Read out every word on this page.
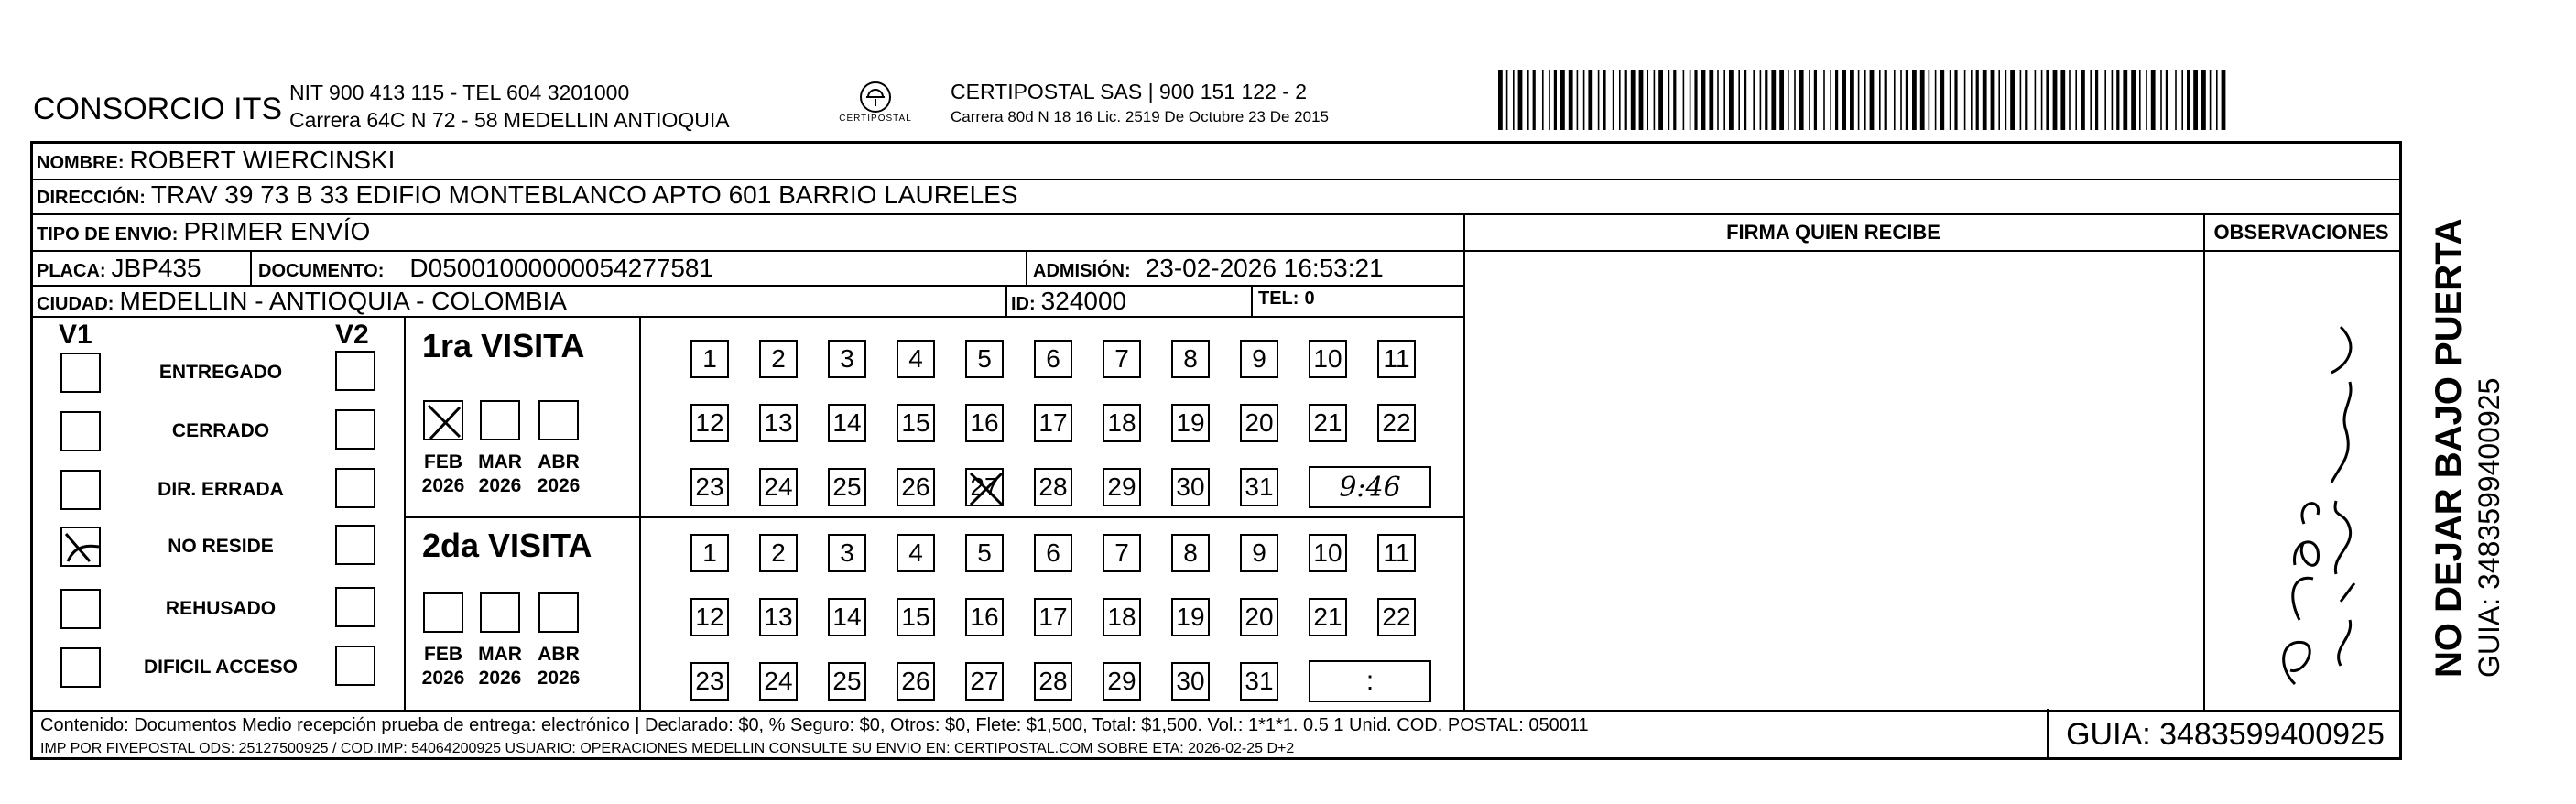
CONSORCIO ITS NIT 900 413 115 - TEL 604 3201000
Carrera 64C N 72 - 58 MEDELLIN ANTIOQUIA	CERTIPOSTAL
CERTIPOSTAL SAS | 900 151 122 - 2
Carrera 80d N 18 16 Lic. 2519 De Octubre 23 De 2015
NOMBRE: ROBERT WIERCINSKI
DIRECCIÓN: TRAV 39 73 B 33 EDIFIO MONTEBLANCO APTO 601 BARRIO LAURELES
TIPO DE ENVIO: PRIMER ENVÍO
PLACA: JBP435	DOCUMENTO: D05001000000054277581	ADMISIÓN: 23-02-2026 16:53:21
CIUDAD: MEDELLIN - ANTIOQUIA - COLOMBIA	ID: 324000	TEL: 0
FIRMA QUIEN RECIBE	OBSERVACIONES
V1	V2
ENTREGADO
CERRADO
DIR. ERRADA
NO RESIDE
REHUSADO
DIFICIL ACCESO
1ra VISITA
2da VISITA
FEB
2026
MAR
2026
ABR
2026
FEB
2026
MAR
2026
ABR
2026
1	2	3	4	5	6	7	8	9	10 11
12 13 14 15 16 17 18 19 20 21 22
23 24 25 26 27 28 29 30 31	9:46
1	2	3	4	5	6	7	8	9	10 11
12 13 14 15 16 17 18 19 20 21 22
23 24 25 26 27 28 29 30 31	:
Contenido: Documentos Medio recepción prueba de entrega: electrónico | Declarado: $0, % Seguro: $0, Otros: $0, Flete: $1,500, Total: $1,500. Vol.: 1*1*1. 0.5 1 Unid. COD. POSTAL: 050011
IMP POR FIVEPOSTAL ODS: 25127500925 / COD.IMP: 54064200925 USUARIO: OPERACIONES MEDELLIN CONSULTE SU ENVIO EN: CERTIPOSTAL.COM SOBRE ETA: 2026-02-25 D+2	GUIA: 3483599400925
NO DEJAR BAJO PUERTA GUIA: 3483599400925
